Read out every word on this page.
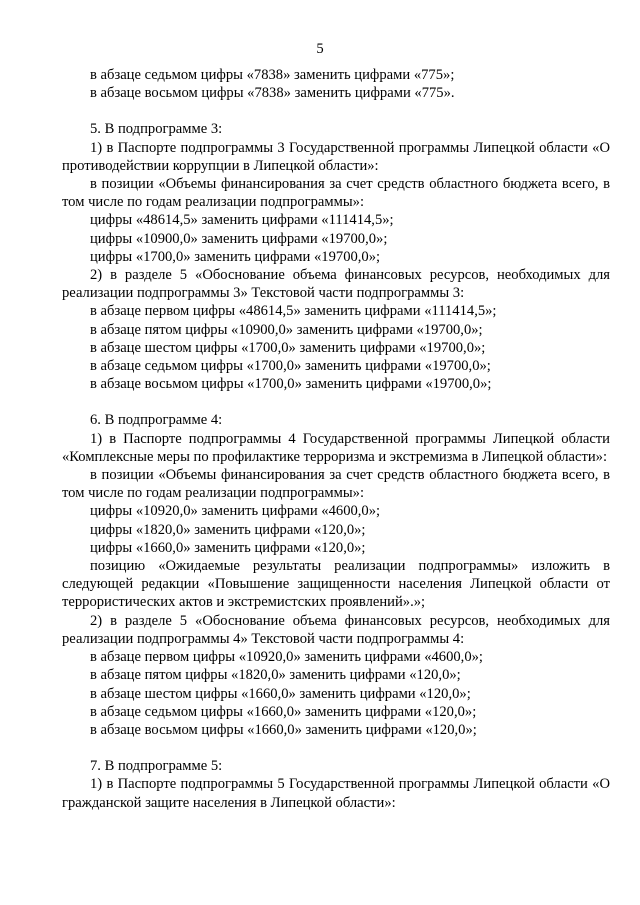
5

в абзаце седьмом цифры «7838» заменить цифрами «775»;

в абзаце восьмом цифры «7838» заменить цифрами «775».

5. В подпрограмме 3:

1) в Паспорте подпрограммы 3 Государственной программы Липецкой области «О противодействии коррупции в Липецкой области»:

в позиции «Объемы финансирования за счет средств областного бюджета всего, в том числе по годам реализации подпрограммы»:

цифры «48614,5» заменить цифрами «111414,5»;

цифры «10900,0» заменить цифрами «19700,0»;

цифры «1700,0» заменить цифрами «19700,0»;

2) в разделе 5 «Обоснование объема финансовых ресурсов, необходимых для реализации подпрограммы 3» Текстовой части подпрограммы 3:

в абзаце первом цифры «48614,5» заменить цифрами «111414,5»;

в абзаце пятом цифры «10900,0» заменить цифрами «19700,0»;

в абзаце шестом цифры «1700,0» заменить цифрами «19700,0»;

в абзаце седьмом цифры «1700,0» заменить цифрами «19700,0»;

в абзаце восьмом цифры «1700,0» заменить цифрами «19700,0»;

6. В подпрограмме 4:

1) в Паспорте подпрограммы 4 Государственной программы Липецкой области «Комплексные меры по профилактике терроризма и экстремизма в Липецкой области»:

в позиции «Объемы финансирования за счет средств областного бюджета всего, в том числе по годам реализации подпрограммы»:

цифры «10920,0» заменить цифрами «4600,0»;

цифры «1820,0» заменить цифрами «120,0»;

цифры «1660,0» заменить цифрами «120,0»;

позицию «Ожидаемые результаты реализации подпрограммы» изложить в следующей редакции «Повышение защищенности населения Липецкой области от террористических актов и экстремистских проявлений».»;

2) в разделе 5 «Обоснование объема финансовых ресурсов, необходимых для реализации подпрограммы 4» Текстовой части подпрограммы 4:

в абзаце первом цифры «10920,0» заменить цифрами «4600,0»;

в абзаце пятом цифры «1820,0» заменить цифрами «120,0»;

в абзаце шестом цифры «1660,0» заменить цифрами «120,0»;

в абзаце седьмом цифры «1660,0» заменить цифрами «120,0»;

в абзаце восьмом цифры «1660,0» заменить цифрами «120,0»;

7. В подпрограмме 5:

1) в Паспорте подпрограммы 5 Государственной программы Липецкой области «О гражданской защите населения в Липецкой области»:
